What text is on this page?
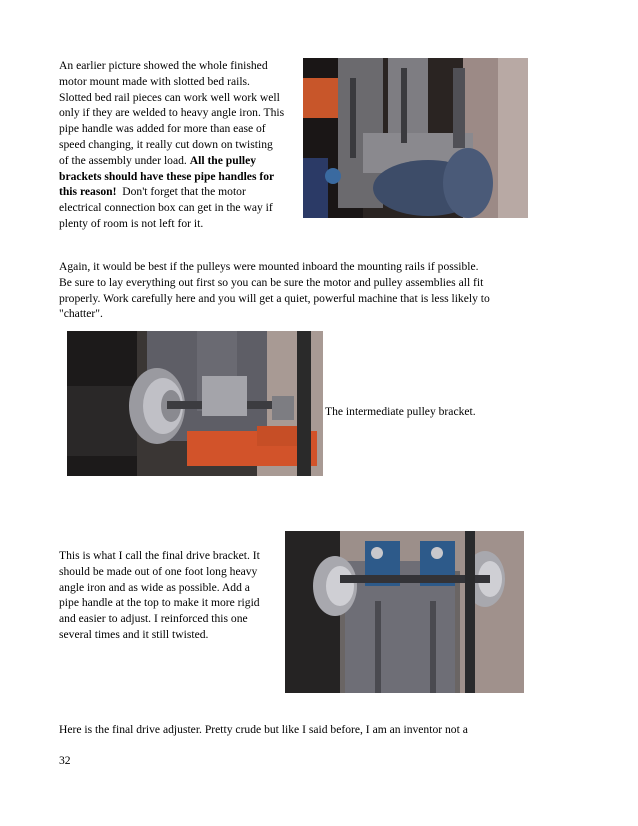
An earlier picture showed the whole finished
motor mount made with slotted bed rails.
Slotted bed rail pieces can work well work well
only if they are welded to heavy angle iron. This
pipe handle was added for more than ease of
speed changing, it really cut down on twisting
of the assembly under load. All the pulley
brackets should have these pipe handles for
this reason! Don't forget that the motor
electrical connection box can get in the way if
plenty of room is not left for it.
Again, it would be best if the pulleys were mounted inboard the mounting rails if possible.
Be sure to lay everything out first so you can be sure the motor and pulley assemblies all fit
properly. Work carefully here and you will get a quiet, powerful machine that is less likely to
"chatter".
The intermediate pulley bracket.
This is what I call the final drive bracket. It
should be made out of one foot long heavy
angle iron and as wide as possible. Add a
pipe handle at the top to make it more rigid
and easier to adjust. I reinforced this one
several times and it still twisted.
Here is the final drive adjuster. Pretty crude but like I said before, I am an inventor not a
32
